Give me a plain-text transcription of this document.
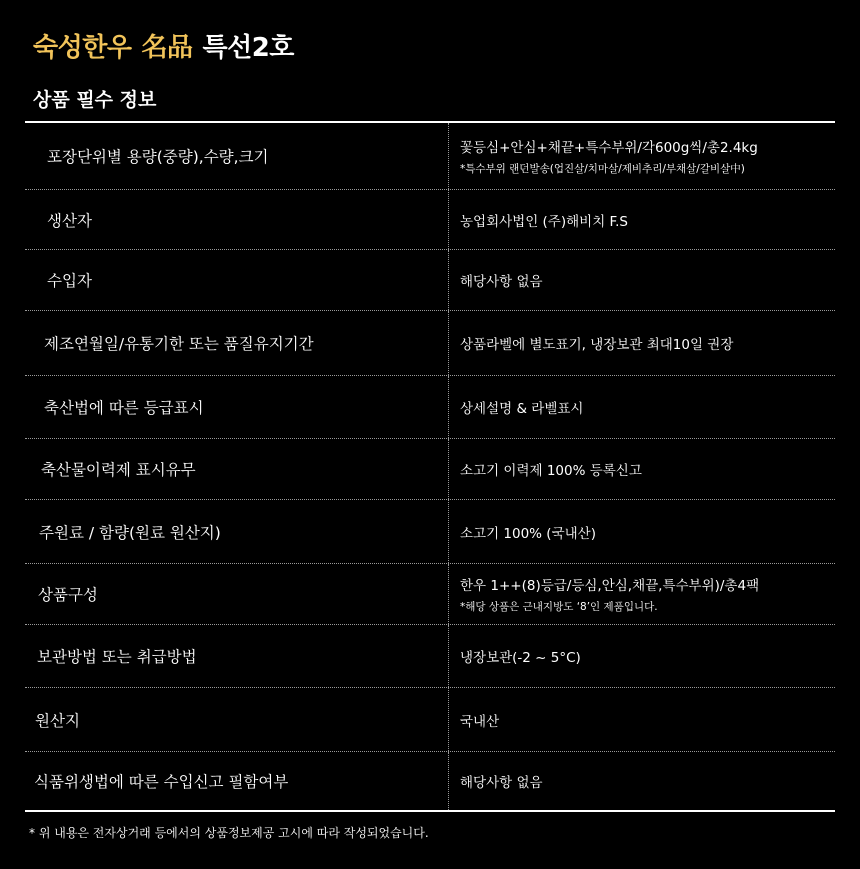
숙성한우 名品 특선2호
상품 필수 정보
포장단위별 용량(중량),수량,크기	꽃등심+안심+채끝+특수부위/각600g씩/총2.4kg
*특수부위 랜던발송(업진살/치마살/제비추리/부채살/갈비살中)
생산자	농업회사법인 (주)해비치 F.S
수입자	해당사항 없음
제조연월일/유통기한 또는 품질유지기간	상품라벨에 별도표기, 냉장보관 최대10일 권장
축산법에 따른 등급표시	상세설명 & 라벨표시
축산물이력제 표시유무	소고기 이력제 100% 등록신고
주원료 / 함량(원료 원산지)	소고기 100% (국내산)
상품구성	한우 1++(8)등급/등심,안심,채끝,특수부위)/총4팩
*해당 상품은 근내지방도 ‘8’인 제품입니다.
보관방법 또는 취급방법	냉장보관(-2 ~ 5°C)
원산지	국내산
식품위생법에 따른 수입신고 필함여부	해당사항 없음
* 위 내용은 전자상거래 등에서의 상품정보제공 고시에 따라 작성되었습니다.
